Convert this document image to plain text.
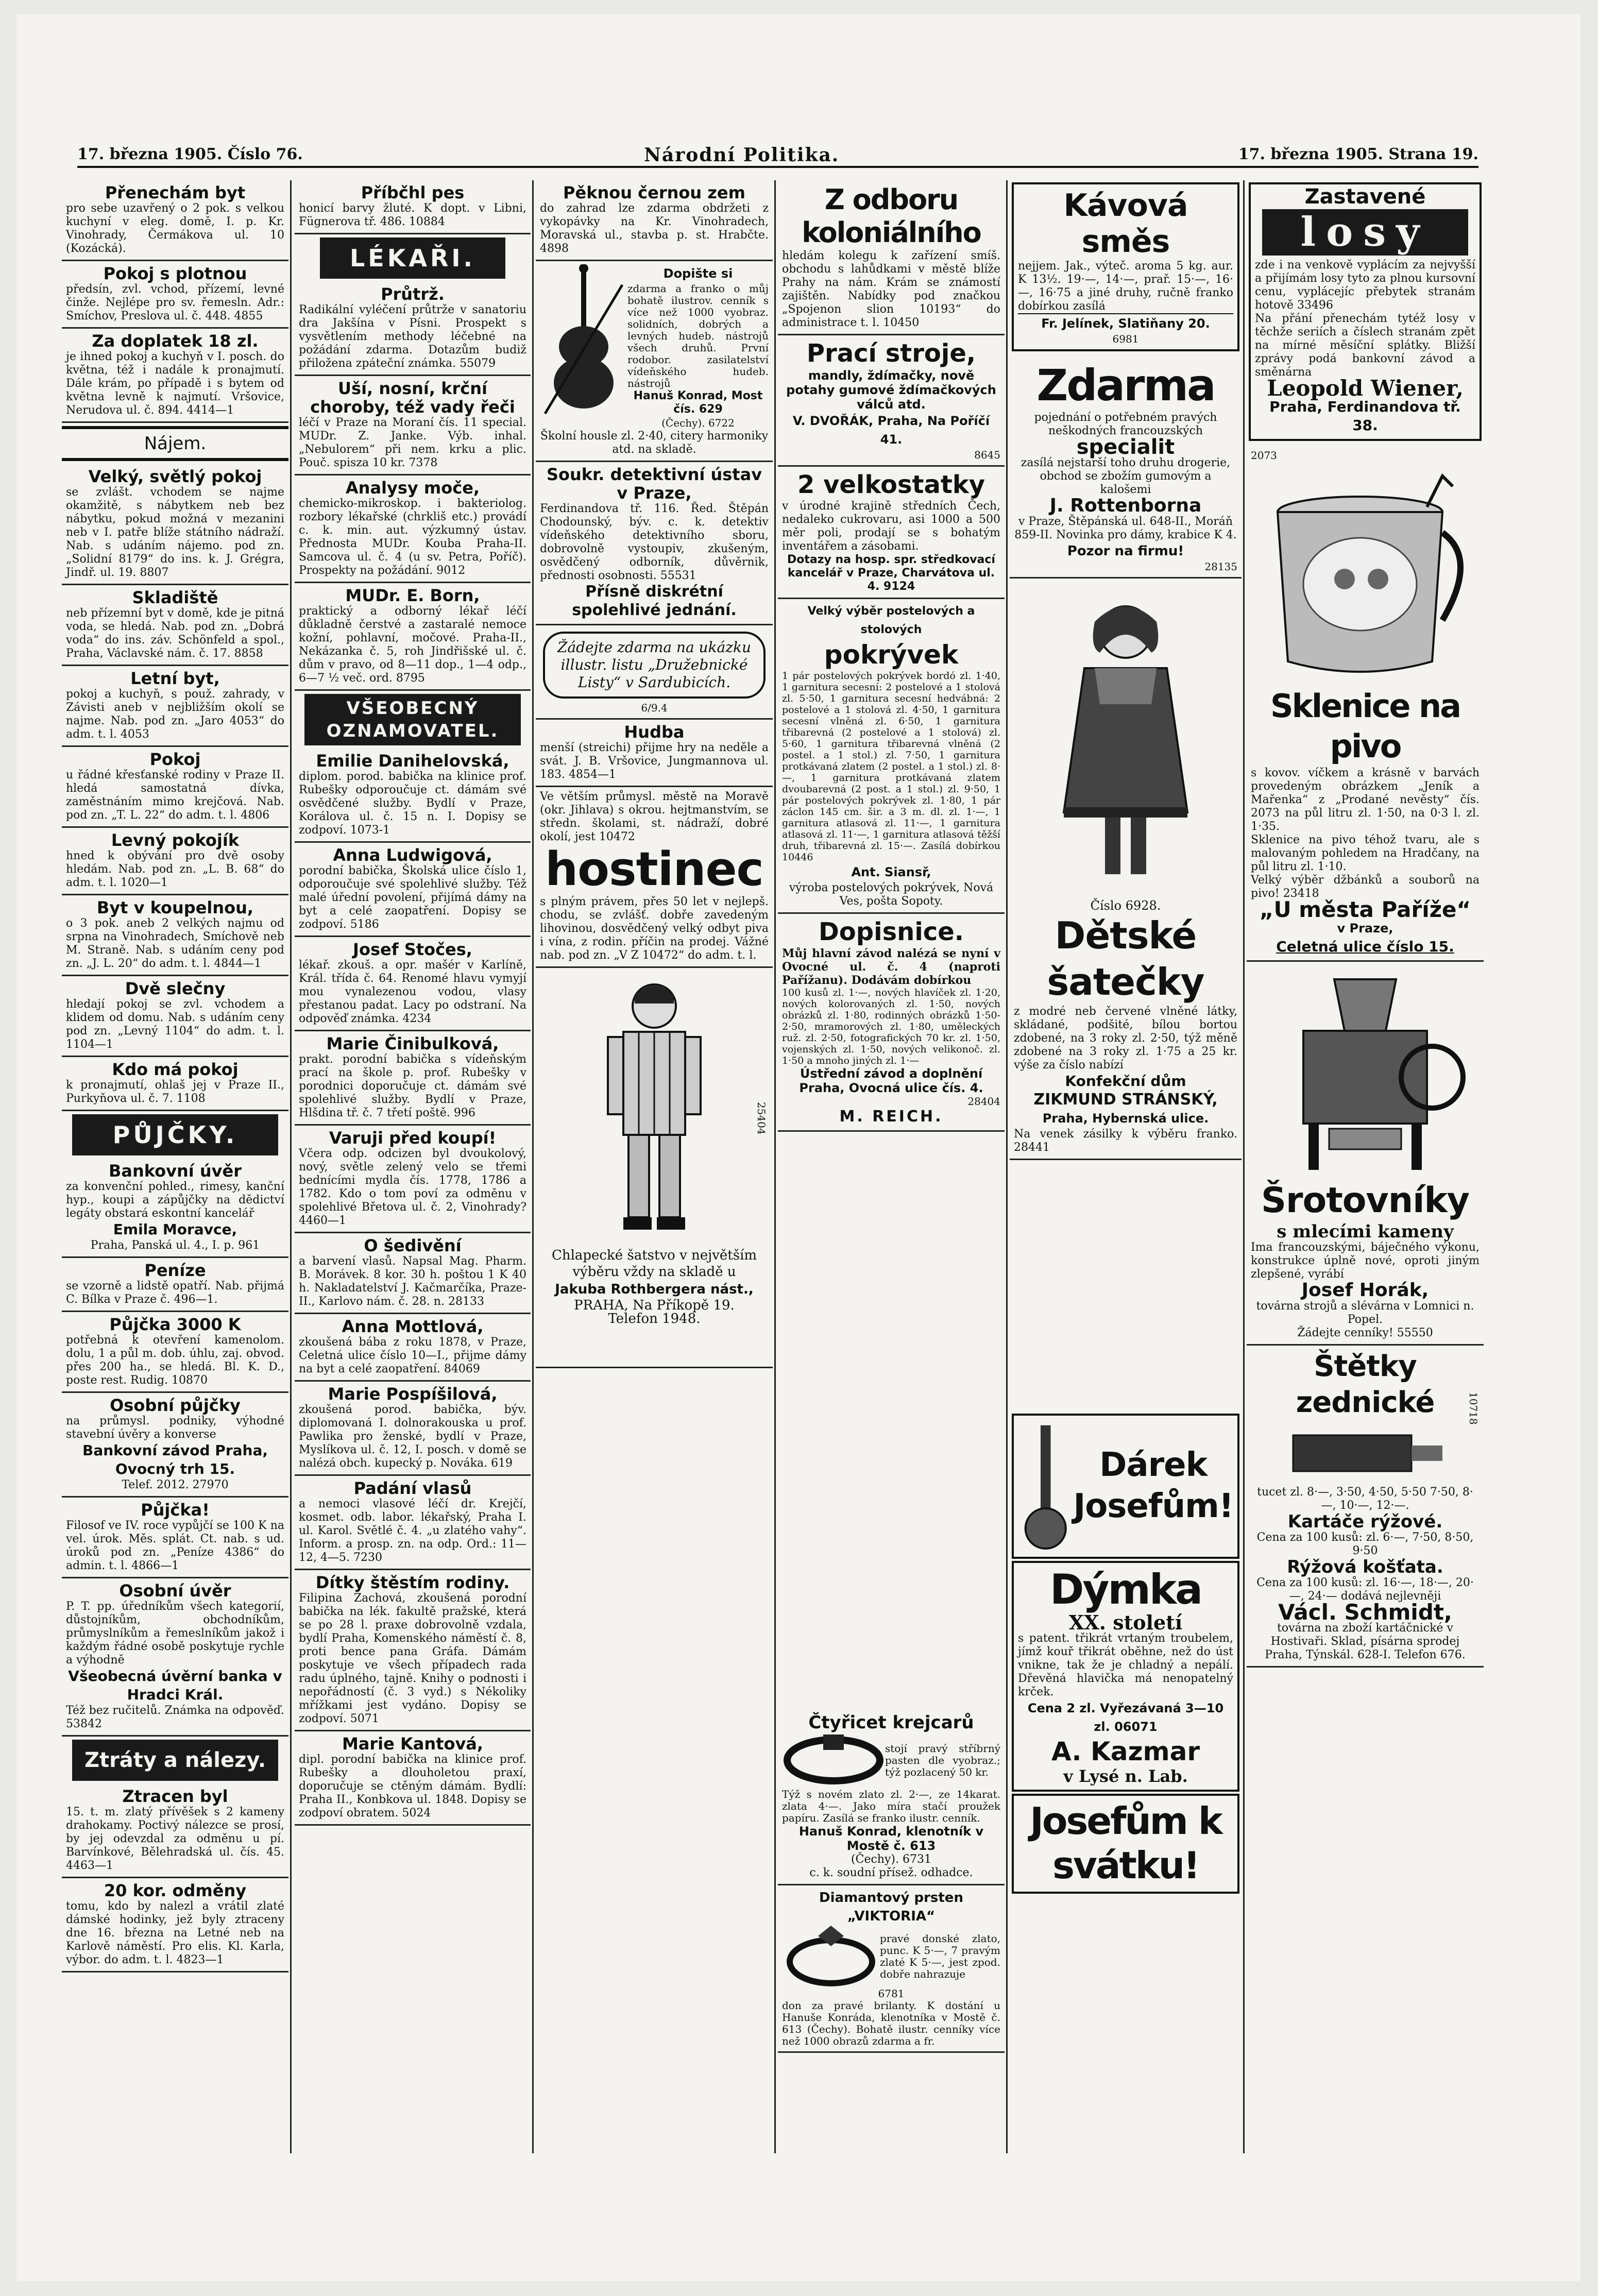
17. března 1905. Číslo 76.	Národní Politika.	17. března 1905. Strana 19.
Přenechám byt
pro sebe uzavřený o 2 pok. s velkou kuchyní v eleg. domě, I. p. Kr. Vinohrady, Čermákova ul. 10 (Kozácká).
Pokoj s plotnou
předsín, zvl. vchod, přízemí, levné činže. Nejlépe pro sv. řemesln. Adr.: Smíchov, Preslova ul. č. 448. 4855
Za doplatek 18 zl.
je ihned pokoj a kuchyň v I. posch. do května, též i nadále k pronajmutí. Dále krám, po případě i s bytem od května levně k najmutí. Vršovice, Nerudova ul. č. 894. 4414—1
Nájem.
Velký, světlý pokoj
se zvlášt. vchodem se najme okamžitě, s nábytkem neb bez nábytku, pokud možná v mezanini neb v I. patře blíže státního nádraží. Nab. s udáním nájemo. pod zn. „Solidní 8179“ do ins. k. J. Grégra, Jindř. ul. 19. 8807
Skladiště
neb přízemní byt v domě, kde je pitná voda, se hledá. Nab. pod zn. „Dobrá voda“ do ins. záv. Schönfeld a spol., Praha, Václavské nám. č. 17. 8858
Letní byt,
pokoj a kuchyň, s použ. zahrady, v Závisti aneb v nejbližším okolí se najme. Nab. pod zn. „Jaro 4053“ do adm. t. l. 4053
Pokoj
u řádné křesťanské rodiny v Praze II. hledá samostatná dívka, zaměstnáním mimo krejčová. Nab. pod zn. „T. L. 22“ do adm. t. l. 4806
Levný pokojík
hned k obývání pro dvě osoby hledám. Nab. pod zn. „L. B. 68“ do adm. t. l. 1020—1
Byt v koupelnou,
o 3 pok. aneb 2 velkých najmu od srpna na Vinohradech, Smíchově neb M. Straně. Nab. s udáním ceny pod zn. „J. L. 20“ do adm. t. l. 4844—1
Dvě slečny
hledají pokoj se zvl. vchodem a klidem od domu. Nab. s udáním ceny pod zn. „Levný 1104“ do adm. t. l. 1104—1
Kdo má pokoj
k pronajmutí, ohlaš jej v Praze II., Purkyňova ul. č. 7. 1108
PŮJČKY.
Bankovní úvěr
za konvenční pohled., rimesy, kanční hyp., koupi a zápůjčky na dědictví legáty obstará eskontní kancelář
Emila Moravce,
Praha, Panská ul. 4., I. p. 961
Peníze
se vzorně a lidstě opatří. Nab. přijmá C. Bílka v Praze č. 496—1.
Půjčka 3000 K
potřebná k otevření kamenolom. dolu, 1 a půl m. dob. úhlu, zaj. obvod. přes 200 ha., se hledá. Bl. K. D., poste rest. Rudig. 10870
Osobní půjčky
na průmysl. podniky, výhodné stavební úvěry a konverse
Bankovní závod Praha, Ovocný trh 15.
Telef. 2012. 27970
Půjčka!
Filosof ve IV. roce vypůjčí se 100 K na vel. úrok. Měs. splát. Ct. nab. s ud. úroků pod zn. „Peníze 4386“ do admin. t. l. 4866—1
Osobní úvěr
P. T. pp. úředníkům všech kategorií, důstojníkům, obchodníkům, průmyslníkům a řemeslníkům jakož i každým řádné osobě poskytuje rychle a výhodně
Všeobecná úvěrní banka v Hradci Král.
Též bez ručitelů. Známka na odpověď. 53842
Ztráty a nálezy.
Ztracen byl
15. t. m. zlatý přívěšek s 2 kameny drahokamy. Poctivý nálezce se prosí, by jej odevzdal za odměnu u pí. Barvínkové, Bělehradská ul. čís. 45. 4463—1
20 kor. odměny
tomu, kdo by nalezl a vrátil zlaté dámské hodinky, jež byly ztraceny dne 16. března na Letné neb na Karlově náměstí. Pro elis. Kl. Karla, výbor. do adm. t. l. 4823—1
Příbčhl pes
honicí barvy žluté. K dopt. v Libni, Fügnerova tř. 486. 10884
LÉKAŘI.
Průtrž.
Radikální vyléčení průtrže v sanatoriu dra Jakšína v Písni. Prospekt s vysvětlením methody léčebné na požádání zdarma. Dotazům budiž přiložena zpáteční známka. 55079
Uší, nosní, krční choroby, též vady řeči
léčí v Praze na Moraní čís. 11 special. MUDr. Z. Janke. Výb. inhal. „Nebulorem“ při nem. krku a plic. Pouč. spisza 10 kr. 7378
Analysy moče,
chemicko-mikroskop. i bakteriolog. rozbory lékařské (chrkliš etc.) provádí c. k. min. aut. výzkumný ústav. Přednosta MUDr. Kouba Praha-II. Samcova ul. č. 4 (u sv. Petra, Poříč). Prospekty na požádání. 9012
MUDr. E. Born,
praktický a odborný lékař léčí důkladně čerstvé a zastaralé nemoce kožní, pohlavní, močové. Praha-II., Nekázanka č. 5, roh Jindřišské ul. č. dům v pravo, od 8—11 dop., 1—4 odp., 6—7 ½ več. ord. 8795
VŠEOBECNÝ OZNAMOVATEL.
Emilie Danihelovská,
diplom. porod. babička na klinice prof. Rubešky odporoučuje ct. dámám své osvědčené služby. Bydlí v Praze, Korálova ul. č. 15 n. I. Dopisy se zodpoví. 1073-1
Anna Ludwigová,
porodní babička, Školská ulice číslo 1, odporoučuje své spolehlivé služby. Též malé úřední povolení, přijímá dámy na byt a celé zaopatření. Dopisy se zodpoví. 5186
Josef Stočes,
lékař. zkouš. a opr. mašér v Karlíně, Král. třída č. 64. Renomé hlavu vymyjí mou vynalezenou vodou, vlasy přestanou padat. Lacy po odstraní. Na odpověď známka. 4234
Marie Činibulková,
prakt. porodní babička s vídeňským prací na škole p. prof. Rubešky v porodnici doporučuje ct. dámám své spolehlivé služby. Bydlí v Praze, Hlšdina tř. č. 7 třetí poště. 996
Varuji před koupí!
Včera odp. odcizen byl dvoukolový, nový, světle zelený velo se třemi bednícími mydla čís. 1778, 1786 a 1782. Kdo o tom poví za odměnu v spolehlivé Břetova ul. č. 2, Vinohrady? 4460—1
O šedivění
a barvení vlasů. Napsal Mag. Pharm. B. Morávek. 8 kor. 30 h. poštou 1 K 40 h. Nakladatelství J. Kačmarčíka, Praze-II., Karlovo nám. č. 28. n. 28133
Anna Mottlová,
zkoušená bába z roku 1878, v Praze, Celetná ulice číslo 10—I., přijme dámy na byt a celé zaopatření. 84069
Marie Pospíšilová,
zkoušená porod. babička, býv. diplomovaná I. dolnorakouska u prof. Pawlika pro ženské, bydlí v Praze, Myslíkova ul. č. 12, I. posch. v domě se nalézá obch. kupecký p. Nováka. 619
Padání vlasů
a nemoci vlasové léčí dr. Krejčí, kosmet. odb. labor. lékařský, Praha I. ul. Karol. Světlé č. 4. „u zlatého vahy“. Inform. a prosp. zn. na odp. Ord.: 11—12, 4—5. 7230
Dítky štěstím rodiny.
Filipina Zachová, zkoušená porodní babička na lék. fakultě pražské, která se po 28 l. praxe dobrovolně vzdala, bydlí Praha, Komenského náměstí č. 8, proti bence pana Gráfa. Dámám poskytuje ve všech případech rada radu úplného, tajně. Knihy o podnosti i nepořádností (č. 3 vyd.) s Nékoliky mřížkami jest vydáno. Dopisy se zodpoví. 5071
Marie Kantová,
dipl. porodní babička na klinice prof. Rubešky a dlouholetou praxí, doporučuje se ctěným dámám. Bydlí: Praha II., Konbkova ul. 1848. Dopisy se zodpoví obratem. 5024
Pěknou černou zem
do zahrad lze zdarma obdržeti z vykopávky na Kr. Vinohradech, Moravská ul., stavba p. st. Hrabčte. 4898
Dopište si
zdarma a franko o můj bohatě ilustrov. cenník s více než 1000 vyobraz. solidních, dobrých a levných hudeb. nástrojů všech druhů. První rodobor. zasilatelství vídeňského hudeb. nástrojů
Hanuš Konrad, Most čís. 629
(Čechy). 6722
Školní housle zl. 2·40, citery harmoniky atd. na skladě.
Soukr. detektivní ústav v Praze,
Ferdinandova tř. 116. Řed. Štěpán Chodounský, býv. c. k. detektiv vídeňského detektivního sboru, dobrovolně vystoupiv, zkušeným, osvědčený odborník, důvěrnik, přednosti osobnosti. 55531
Přísně diskrétní spolehlivé jednání.
Žádejte zdarma na ukázku illustr. listu „Družebnické Listy“ v Sardubicích.
6/9.4
Hudba
menší (streichi) přijme hry na neděle a svát. J. B. Vršovice, Jungmannova ul. 183. 4854—1
Ve větším průmysl. městě na Moravě (okr. Jihlava) s okrou. hejtmanstvím, se středn. školami, st. nádraží, dobré okolí, jest 10472
hostinec
s plným právem, přes 50 let v nejlepš. chodu, se zvlášť. dobře zavedeným lihovinou, dosvědčený velký odbyt piva i vína, z rodin. příčin na prodej. Vážné nab. pod zn. „V Z 10472“ do adm. t. l.
25404
Chlapecké šatstvo v největším výběru vždy na skladě u
Jakuba Rothbergera nást.,
PRAHA, Na Příkopě 19.
Telefon 1948.
Kávová směs
nejjem. Jak., výteč. aroma 5 kg. aur. K 13½. 19·—, 14·—, prař. 15·—, 16·—, 16·75 a jiné druhy, ručně franko dobírkou zasílá
Fr. Jelínek, Slatiňany 20.
6981
Zdarma
pojednání o potřebném pravých neškodných francouzských
specialit
zasílá nejstarší toho druhu drogerie, obchod se zbožím gumovým a kalošemi
J. Rottenborna
v Praze, Štěpánská ul. 648-II., Moráň 859-II. Novinka pro dámy, krabice K 4.
Pozor na firmu!
28135
Číslo 6928.
Dětské šatečky
z modré neb červené vlněné látky, skládané, podšité, bílou bortou zdobené, na 3 roky zl. 2·50, týž měně zdobené na 3 roky zl. 1·75 a 25 kr. výše za číslo nabízí
Konfekční dům
ZIKMUND STRÁNSKÝ,
Praha, Hybernská ulice.
Na venek zásilky k výběru franko. 28441
Zastavené
losy
zde i na venkově vyplácím za nejvyšší a přijímám losy tyto za plnou kursovní cenu, vyplácejíc přebytek stranám hotově 33496
Na přání přenechám tytéž losy v těchže seriích a číslech stranám zpět na mírné měsíční splátky. Bližší zprávy podá bankovní závod a směnárna
Leopold Wiener,
Praha, Ferdinandova tř. 38.
2073
Sklenice na pivo
s kovov. víčkem a krásně v barvách provedeným obrázkem „Jeník a Mařenka“ z „Prodané nevěsty“ čís. 2073 na půl litru zl. 1·50, na 0·3 l. zl. 1·35.
Sklenice na pivo téhož tvaru, ale s malovaným pohledem na Hradčany, na půl litru zl. 1·10.
Velký výběr džbánků a souborů na pivo! 23418
„U města Paříže“
v Praze,
Celetná ulice číslo 15.
Šrotovníky
s mlecími kameny
Ima francouzskými, báječného výkonu, konstrukce úplně nové, oproti jiným zlepšené, vyrábí
Josef Horák,
továrna strojů a slévárna v Lomnici n. Popel.
Žádejte cenníky! 55550
Štětky zednické	10718
tucet zl. 8·—, 3·50, 4·50, 5·50 7·50, 8·—, 10·—, 12·—.
Kartáče rýžové.
Cena za 100 kusů: zl. 6·—, 7·50, 8·50, 9·50
Rýžová košťata.
Cena za 100 kusů: zl. 16·—, 18·—, 20·—, 24·— dodává nejlevněji
Václ. Schmidt,
továrna na zboží kartáčnické v Hostivaři. Sklad, písárna sprodej Praha, Týnskál. 628-I. Telefon 676.
Z odboru koloniálního
hledám kolegu k zařízení smíš. obchodu s lahůdkami v městě blíže Prahy na nám. Krám se známostí zajištěn. Nabídky pod značkou „Spojenon slion 10193“ do administrace t. l. 10450
Prací stroje,
mandly, ždímačky, nově potahy gumové ždímačkových válců atd.
V. DVOŘÁK, Praha, Na Poříčí 41.
8645
2 velkostatky
v úrodné krajině středních Čech, nedaleko cukrovaru, asi 1000 a 500 měr poli, prodají se s bohatým inventářem a zásobami.
Dotazy na hosp. spr. středkovací kancelář v Praze, Charvátova ul. 4. 9124
Velký výběr postelových a stolových
pokrývek
1 pár postelových pokrývek bordó zl. 1·40, 1 garnitura secesní: 2 postelové a 1 stolová zl. 5·50, 1 garnitura secesní hedvábná: 2 postelové a 1 stolová zl. 4·50, 1 garnitura secesní vlněná zl. 6·50, 1 garnitura třibarevná (2 postelové a 1 stolová) zl. 5·60, 1 garnitura třibarevná vlněná (2 postel. a 1 stol.) zl. 7·50, 1 garnitura protkávaná zlatem (2 postel. a 1 stol.) zl. 8·—, 1 garnitura protkávaná zlatem dvoubarevná (2 post. a 1 stol.) zl. 9·50, 1 pár postelových pokrývek zl. 1·80, 1 pár záclon 145 cm. šir. a 3 m. dl. zl. 1·—, 1 garnitura atlasová zl. 11·—, 1 garnitura atlasová zl. 11·—, 1 garnitura atlasová těžší druh, třibarevná zl. 15·—. Zasílá dobírkou 10446
Ant. Siansř,
výroba postelových pokrývek, Nová Ves, pošta Sopoty.
Dopisnice.
Můj hlavní závod nalézá se nyní v Ovocné ul. č. 4 (naproti Pařížanu). Dodávám dobírkou
100 kusů zl. 1·—, nových hlavíček zl. 1·20, nových kolorovaných zl. 1·50, nových obrázků zl. 1·80, rodinných obrázků 1·50-2·50, mramorových zl. 1·80, uměleckých ruž. zl. 2·50, fotografických 70 kr. zl. 1·50, vojenských zl. 1·50, nových velikonoč. zl. 1·50 a mnoho jiných zl. 1·—
Ústřední závod a doplnění Praha, Ovocná ulice čís. 4.
28404
M. REICH.
Čtyřicet krejcarů
stojí pravý stříbrný pasten dle vyobraz.; týž pozlacený 50 kr.
Týž s novém zlato zl. 2·—, ze 14karat. zlata 4·—. Jako míra stačí proužek papíru. Zasílá se franko ilustr. cenník.
Hanuš Konrad, klenotník v Mostě č. 613
(Čechy). 6731
c. k. soudní přísež. odhadce.
Diamantový prsten „VIKTORIA“
pravé donské zlato, punc. K 5·—, 7 pravým zlaté K 5·—, jest zpod. dobře nahrazuje
6781
don za pravé brilanty. K dostání u Hanuše Konráda, klenotníka v Mostě č. 613 (Čechy). Bohatě ilustr. cenníky více než 1000 obrazů zdarma a fr.
Dárek Josefům!
Dýmka
XX. století
s patent. třikrát vrtaným troubelem, jímž kouř třikrát oběhne, než do úst vnikne, tak že je chladný a nepálí. Dřevěná hlavička má nenopatelný krček.
Cena 2 zl. Vyřezávaná 3—10 zl. 06071
A. Kazmar
v Lysé n. Lab.
Josefům k svátku!
